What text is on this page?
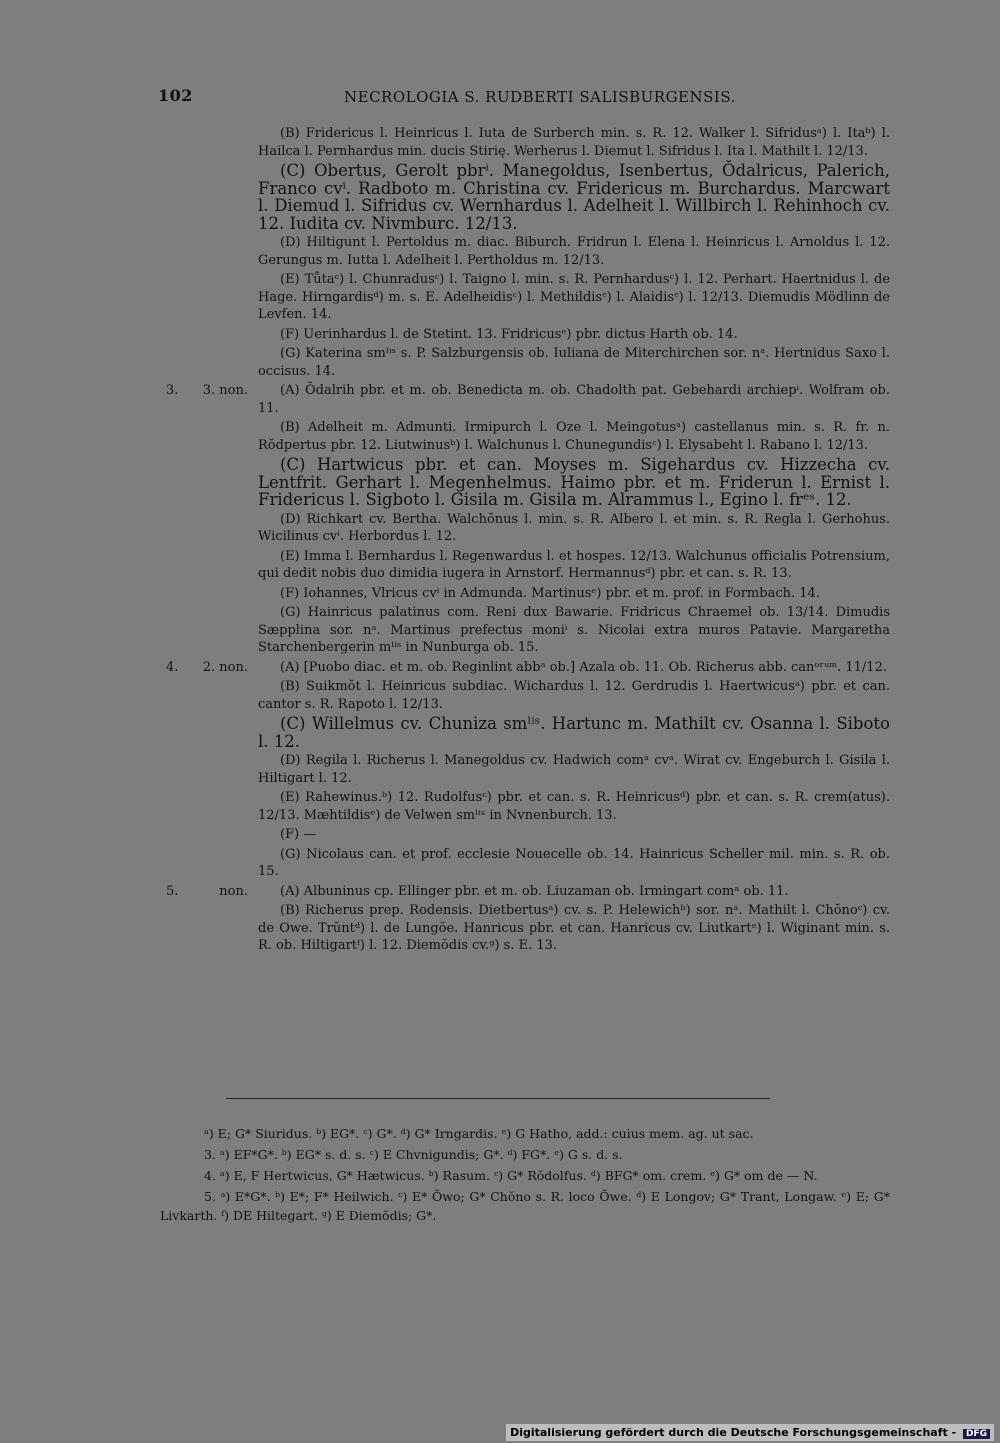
102	NECROLOGIA S. RUDBERTI SALISBURGENSIS.

(B) Fridericus l. Heinricus l. Iuta de Surberch min. s. R. 12. Walker l. Sifridusᵃ) l. Itaᵇ) l. Hailca l. Pernhardus min. ducis Stirię. Werherus l. Diemut l. Sifridus l. Ita l. Mathilt l. 12/13.

(C) Obertus, Gerolt pbrⁱ. Manegoldus, Isenbertus, Ŏdalricus, Palerich, Franco cvⁱ. Radboto m. Christina cv. Fridericus m. Burchardus. Marcwart l. Diemud l. Sifridus cv. Wernhardus l. Adelheit l. Willbirch l. Rehinhoch cv. 12. Iudita cv. Nivmburc. 12/13.

(D) Hiltigunt l. Pertoldus m. diac. Biburch. Fridrun l. Elena l. Heinricus l. Arnoldus l. 12. Gerungus m. Iutta l. Adelheit l. Pertholdus m. 12/13.

(E) Tůtaᶜ) l. Chunradusᶜ) l. Taigno l. min. s. R. Pernhardusᶜ) l. 12. Perhart. Haertnidus l. de Hage. Hirngardisᵈ) m. s. E. Adelheidisᶜ) l. Methildisᶜ) l. Alaidisᶜ) l. 12/13. Diemudis Mödlinn de Levfen. 14.

(F) Uerinhardus l. de Stetint. 13. Fridricusᵉ) pbr. dictus Harth ob. 14.

(G) Katerina smˡⁱˢ s. P. Salzburgensis ob. Iuliana de Miterchirchen sor. nᵃ. Hertnidus Saxo l. occisus. 14.

3.	3. non.	(A) Ŏdalrih pbr. et m. ob. Benedicta m. ob. Chadolth pat. Gebehardi archiepⁱ. Wolfram ob. 11.

(B) Adelheit m. Admunti. Irmipurch l. Oze l. Meingotusᵃ) castellanus min. s. R. fr. n. Rŏdpertus pbr. 12. Liutwinusᵇ) l. Walchunus l. Chunegundisᶜ) l. Elysabeht l. Rabano l. 12/13.

(C) Hartwicus pbr. et can. Moyses m. Sigehardus cv. Hizzecha cv. Lentfrit. Gerhart l. Megenhelmus. Haimo pbr. et m. Friderun l. Ernist l. Fridericus l. Sigboto l. Gisila m. Gisila m. Alrammus l., Egino l. frᵉˢ. 12.

(D) Richkart cv. Bertha. Walchŏnus l. min. s. R. Albero l. et min. s. R. Regla l. Gerhohus. Wicilinus cvⁱ. Herbordus l. 12.

(E) Imma l. Bernhardus l. Regenwardus l. et hospes. 12/13. Walchunus officialis Potrensium, qui dedit nobis duo dimidia iugera in Arnstorf. Hermannusᵈ) pbr. et can. s. R. 13.

(F) Iohannes, Vlricus cvⁱ in Admunda. Martinusᵉ) pbr. et m. prof. in Formbach. 14.

(G) Hainricus palatinus com. Reni dux Bawarie. Fridricus Chraemel ob. 13/14. Dimudis Sæpplina sor. nᵃ. Martinus prefectus moniⁱ s. Nicolai extra muros Patavie. Margaretha Starchenbergerin mˡⁱˢ in Nunburga ob. 15.

4.	2. non.	(A) [Puobo diac. et m. ob. Reginlint abbᵃ ob.] Azala ob. 11. Ob. Richerus abb. canᵒʳᵘᵐ. 11/12.

(B) Suikmŏt l. Heinricus subdiac. Wichardus l. 12. Gerdrudis l. Haertwicusᵃ) pbr. et can. cantor s. R. Rapoto l. 12/13.

(C) Willelmus cv. Chuniza smˡⁱˢ. Hartunc m. Mathilt cv. Osanna l. Siboto l. 12.

(D) Regila l. Richerus l. Manegoldus cv. Hadwich comᵃ cvᵃ. Wirat cv. Engeburch l. Gisila l. Hiltigart l. 12.

(E) Rahewinus.ᵇ) 12. Rudolfusᶜ) pbr. et can. s. R. Heinricusᵈ) pbr. et can. s. R. crem(atus). 12/13. Mæhtildisᵉ) de Velwen smˡⁱˢ in Nvnenburch. 13.

(F) —

(G) Nicolaus can. et prof. ecclesie Nouecelle ob. 14. Hainricus Scheller mil. min. s. R. ob. 15.

5.	non.	(A) Albuninus cp. Ellinger pbr. et m. ob. Liuzaman ob. Irmingart comᵃ ob. 11.

(B) Richerus prep. Rodensis. Dietbertusᵃ) cv. s. P. Helewichᵇ) sor. nᵃ. Mathilt l. Chŏnoᶜ) cv. de Owe. Trŭntᵈ) l. de Lungŏe. Hanricus pbr. et can. Hanricus cv. Liutkartᵉ) l. Wiginant min. s. R. ob. Hiltigartᶠ) l. 12. Diemŏdis cv.ᵍ) s. E. 13.

ᵃ) E; G* Siuridus. ᵇ) EG*. ᶜ) G*. ᵈ) G* Irngardis. ᵉ) G Hatho, add.: cuius mem. ag. ut sac.

3. ᵃ) EF*G*. ᵇ) EG* s. d. s. ᶜ) E Chvnigundis; G*. ᵈ) FG*. ᵉ) G s. d. s.

4. ᵃ) E, F Hertwicus, G* Hætwicus. ᵇ) Rasum. ᶜ) G* Rŏdolfus. ᵈ) BFG* om. crem. ᵉ) G* om de — N.

5. ᵃ) E*G*. ᵇ) E*; F* Heilwich. ᶜ) E* Ŏwo; G* Chŏno s. R. loco Ŏwe. ᵈ) E Longov; G* Trant, Longaw. ᵉ) E; G* Livkarth. ᶠ) DE Hiltegart. ᵍ) E Diemŏdis; G*.

Digitalisierung gefördert durch die Deutsche Forschungsgemeinschaft - DFG
